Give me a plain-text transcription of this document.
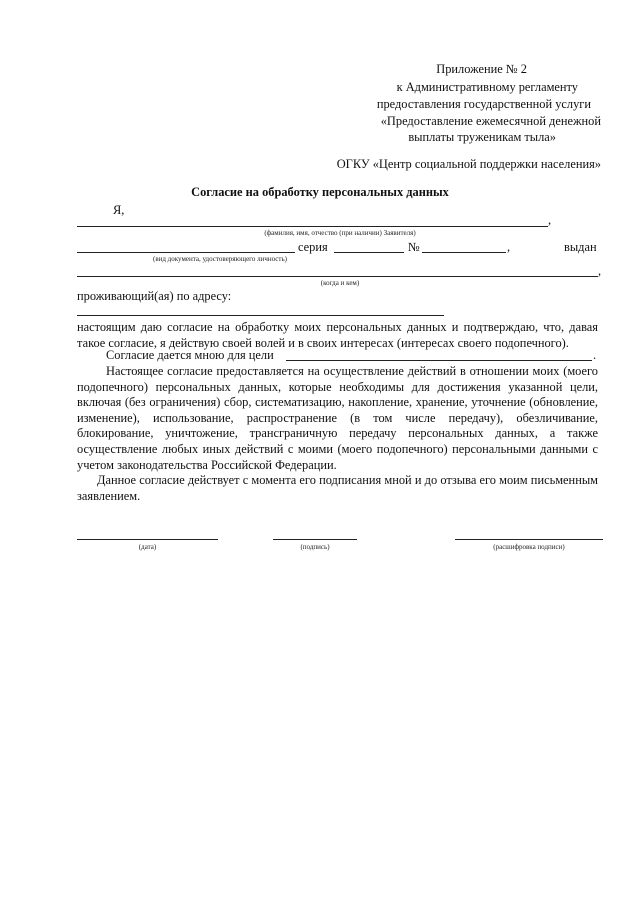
Приложение № 2
к Административному регламенту
предоставления государственной услуги
«Предоставление ежемесячной денежной
выплаты труженикам тыла»
ОГКУ «Центр социальной поддержки населения»
Согласие на обработку персональных данных
Я,
,
(фамилия, имя, отчество (при наличии) Заявителя)
серия	№	,	выдан
(вид документа, удостоверяющего личность)
,
(когда и кем)
проживающий(ая) по адресу:
настоящим даю согласие на обработку моих персональных данных и подтверждаю, что, давая такое согласие, я действую своей волей и в своих интересах (интересах своего подопечного).
Согласие дается мною для цели	.
Настоящее согласие предоставляется на осуществление действий в отношении моих (моего подопечного) персональных данных, которые необходимы для достижения указанной цели, включая (без ограничения) сбор, систематизацию, накопление, хранение, уточнение (обновление, изменение), использование, распространение (в том числе передачу), обезличивание, блокирование, уничтожение, трансграничную передачу персональных данных, а также осуществление любых иных действий с моими (моего подопечного) персональными данными с учетом законодательства Российской Федерации.
Данное согласие действует с момента его подписания мной и до отзыва его моим письменным заявлением.
(дата)	(подпись)	(расшифровка подписи)
